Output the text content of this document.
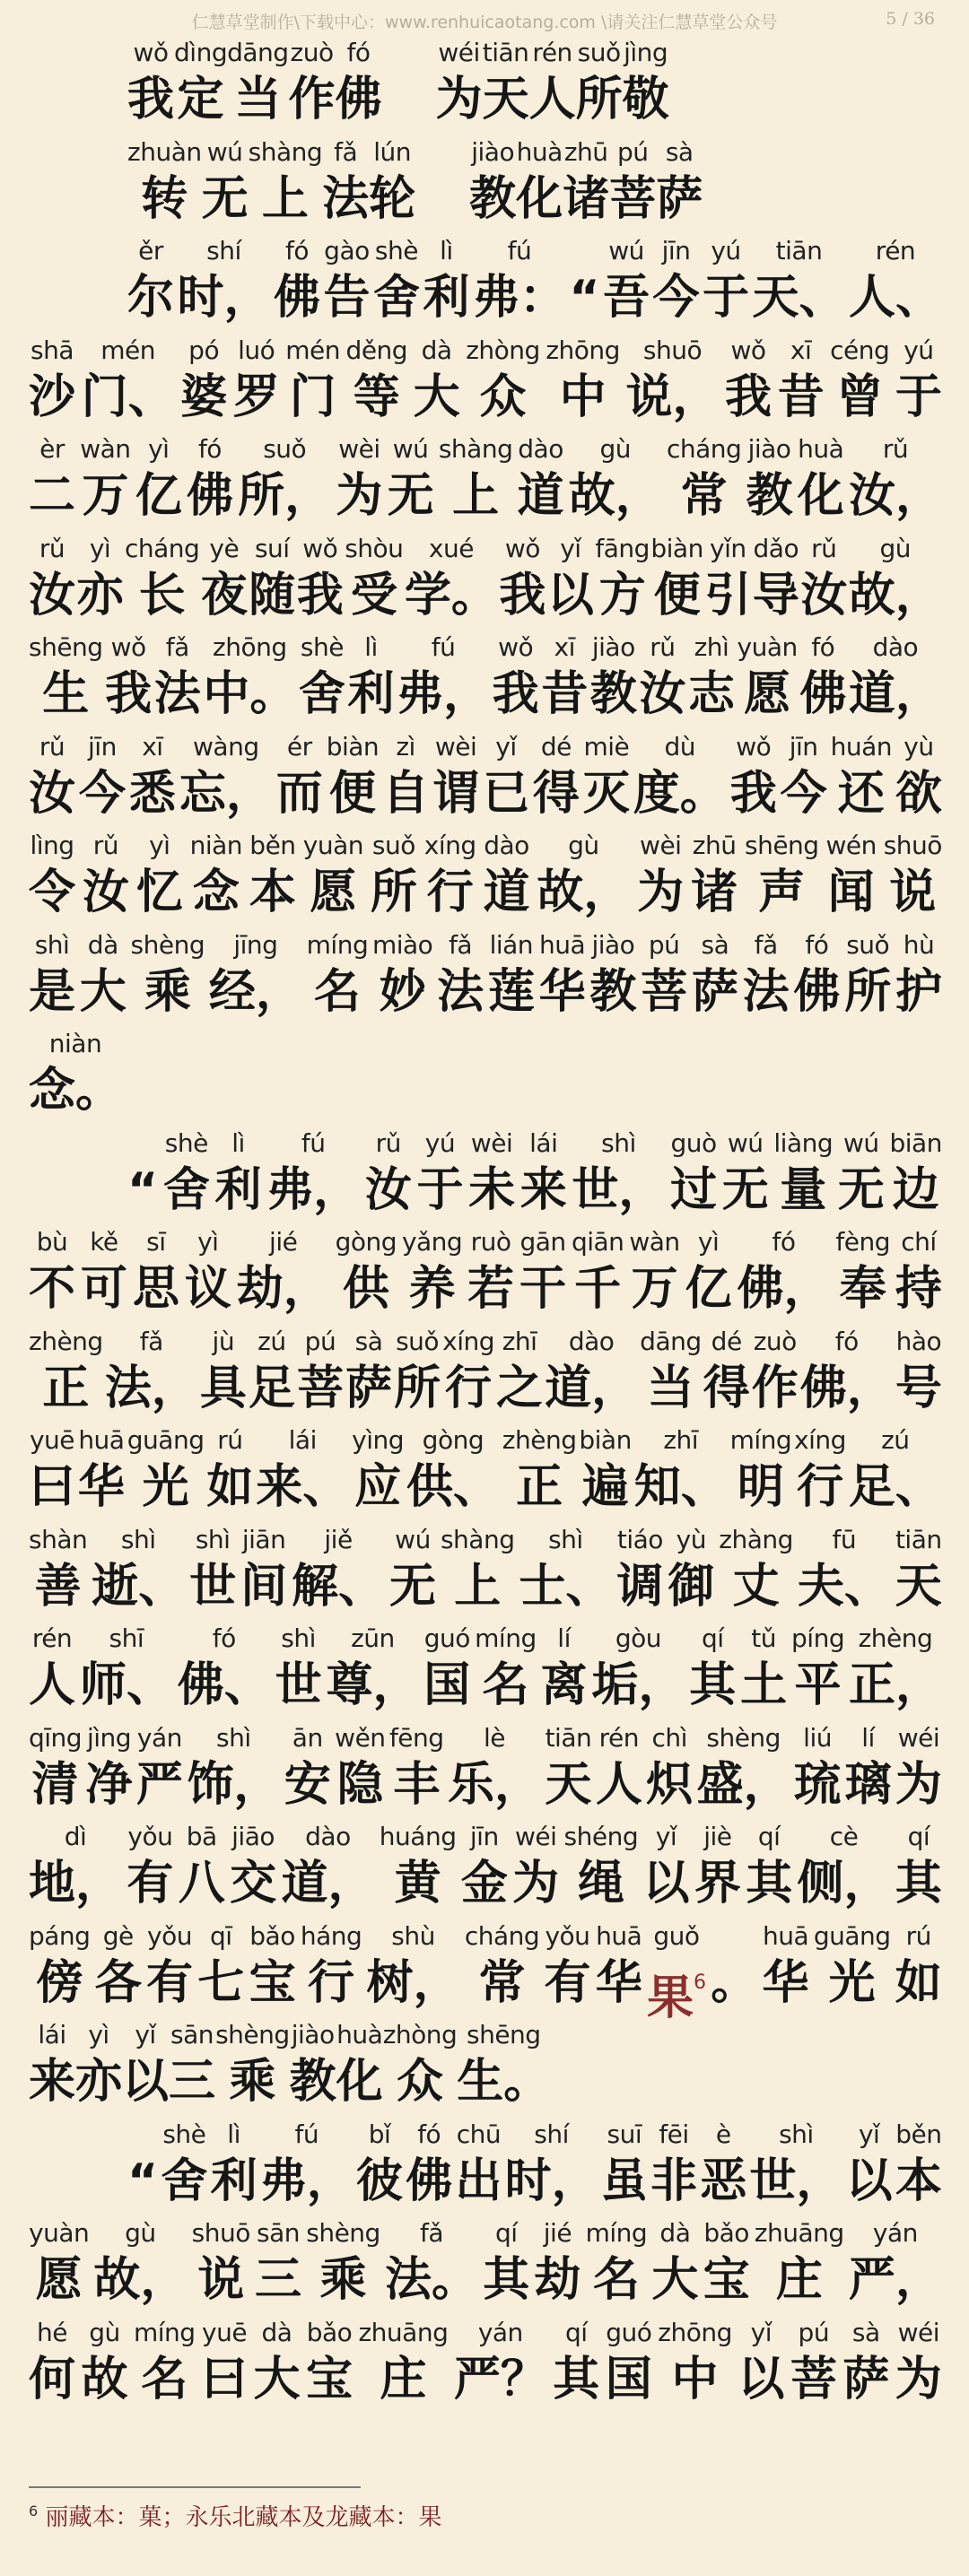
仁慧草堂制作\下载中心：www.renhuicaotang.com \请关注仁慧草堂公众号	5 / 36
wǒ
我
dìng
定
dāng
当
zuò
作
fó
佛
wéi
为
tiān
天
rén
人
suǒ
所
jìng
敬
zhuàn
转
wú
无
shàng
上
fǎ
法
lún
轮
jiào
教
huà
化
zhū
诸
pú
菩
sà
萨
ěr
尔
shí
时，
fó
佛
gào
告
shè
舍
lì
利
fú
弗： “
wú
吾
jīn
今
yú
于
tiān
天、
rén
人、
shā
沙
mén
门、
pó
婆
luó
罗
mén
门
děng
等
dà
大
zhòng
众
zhōng
中
shuō
说，
wǒ
我
xī
昔
céng
曾
yú
于
èr
二
wàn
万
yì
亿
fó
佛
suǒ
所，
wèi
为
wú
无
shàng
上
dào
道
gù
故，
cháng
常
jiào
教
huà
化
rǔ
汝，
rǔ
汝
yì
亦
cháng
长
yè
夜
suí
随
wǒ
我
shòu
受
xué
学。
wǒ
我
yǐ
以
fāng
方
biàn
便
yǐn
引
dǎo
导
rǔ
汝
gù
故，
shēng
生
wǒ
我
fǎ
法
zhōng
中。
shè
舍
lì
利
fú
弗，
wǒ
我
xī
昔
jiào
教
rǔ
汝
zhì
志
yuàn
愿
fó
佛
dào
道，
rǔ
汝
jīn
今
xī
悉
wàng
忘，
ér
而
biàn
便
zì
自
wèi
谓
yǐ
已
dé
得
miè
灭
dù
度。
wǒ
我
jīn
今
huán
还
yù
欲
lìng
令
rǔ
汝
yì
忆
niàn
念
běn
本
yuàn
愿
suǒ
所
xíng
行
dào
道
gù
故，
wèi
为
zhū
诸
shēng
声
wén
闻
shuō
说
shì
是
dà
大
shèng
乘
jīng
经，
míng
名
miào
妙
fǎ
法
lián
莲
huā
华
jiào
教
pú
菩
sà
萨
fǎ
法
fó
佛
suǒ
所
hù
护
niàn
念。
“
shè
舍
lì
利
fú
弗，
rǔ
汝
yú
于
wèi
未
lái
来
shì
世，
guò
过
wú
无
liàng
量
wú
无
biān
边
bù
不
kě
可
sī
思
yì
议
jié
劫，
gòng
供
yǎng
养
ruò
若
gān
干
qiān
千
wàn
万
yì
亿
fó
佛，
fèng
奉
chí
持
zhèng
正
fǎ
法，
jù
具
zú
足
pú
菩
sà
萨
suǒ
所
xíng
行
zhī
之
dào
道，
dāng
当
dé
得
zuò
作
fó
佛，
hào
号
yuē
曰
huā
华
guāng
光
rú
如
lái
来、
yìng
应
gòng
供、
zhèng
正
biàn
遍
zhī
知、
míng
明
xíng
行
zú
足、
shàn
善
shì
逝、
shì
世
jiān
间
jiě
解、
wú
无
shàng
上
shì
士、
tiáo
调
yù
御
zhàng
丈
fū
夫、
tiān
天
rén
人
shī
师、
fó
佛、
shì
世
zūn
尊，
guó
国
míng
名
lí
离
gòu
垢，
qí
其
tǔ
土
píng
平
zhèng
正，
qīng
清
jìng
净
yán
严
shì
饰，
ān
安
wěn
隐
fēng
丰
lè
乐，
tiān
天
rén
人
chì
炽
shèng
盛，
liú
琉
lí
璃
wéi
为
dì
地，
yǒu
有
bā
八
jiāo
交
dào
道，
huáng
黄
jīn
金
wéi
为
shéng
绳
yǐ
以
jiè
界
qí
其
cè
侧，
qí
其
páng
傍
gè
各
yǒu
有
qī
七
bǎo
宝
háng
行
shù
树，
cháng
常
yǒu
有
huā
华
guǒ
果$^6$ 。
huā
华
guāng
光
rú
如
lái
来
yì
亦
yǐ
以
sān
三
shèng
乘
jiào
教
huà
化
zhòng
众
shēng
生。
“
shè
舍
lì
利
fú
弗，
bǐ
彼
fó
佛
chū
出
shí
时，
suī
虽
fēi
非
è
恶
shì
世，
yǐ
以
běn
本
yuàn
愿
gù
故，
shuō
说
sān
三
shèng
乘
fǎ
法。
qí
其
jié
劫
míng
名
dà
大
bǎo
宝
zhuāng
庄
yán
严，
hé
何
gù
故
míng
名
yuē
曰
dà
大
bǎo
宝
zhuāng
庄
yán
严？
qí
其
guó
国
zhōng
中
yǐ
以
pú
菩
sà
萨
wéi
为
$^6$ 丽藏本：菓；永乐北藏本及龙藏本：果
